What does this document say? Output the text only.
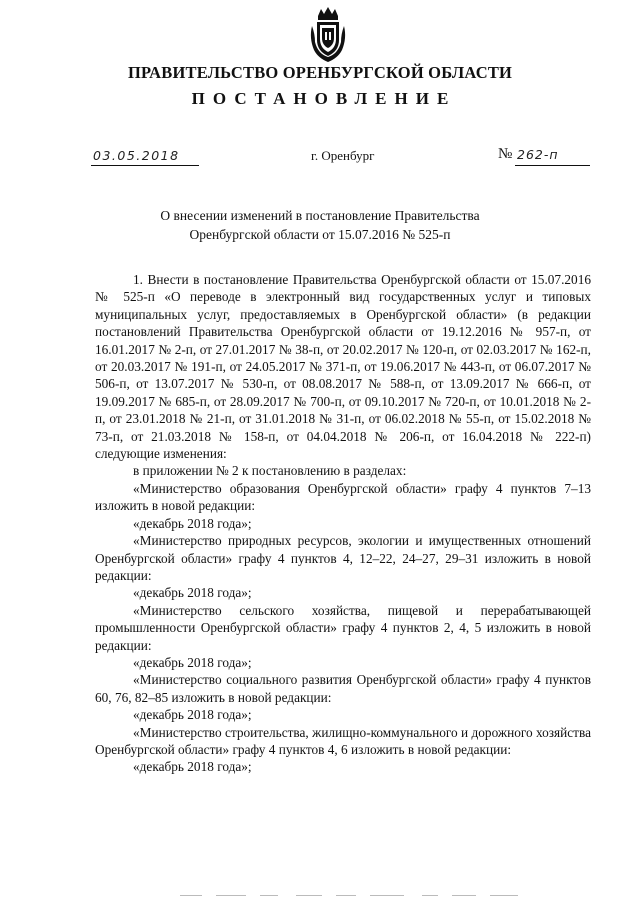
ПРАВИТЕЛЬСТВО ОРЕНБУРГСКОЙ ОБЛАСТИ
ПОСТАНОВЛЕНИЕ
03.05.2018	г. Оренбург	№ 262-п
О внесении изменений в постановление Правительства
Оренбургской области от 15.07.2016 № 525-п

1. Внести в постановление Правительства Оренбургской области от 15.07.2016 № 525-п «О переводе в электронный вид государственных услуг и типовых муниципальных услуг, предоставляемых в Оренбургской области» (в редакции постановлений Правительства Оренбургской области от 19.12.2016 № 957-п, от 16.01.2017 № 2-п, от 27.01.2017 № 38-п, от 20.02.2017 № 120-п, от 02.03.2017 № 162-п, от 20.03.2017 № 191-п, от 24.05.2017 № 371-п, от 19.06.2017 № 443-п, от 06.07.2017 № 506-п, от 13.07.2017 № 530-п, от 08.08.2017 № 588-п, от 13.09.2017 № 666-п, от 19.09.2017 № 685-п, от 28.09.2017 № 700-п, от 09.10.2017 № 720-п, от 10.01.2018 № 2-п, от 23.01.2018 № 21-п, от 31.01.2018 № 31-п, от 06.02.2018 № 55-п, от 15.02.2018 № 73-п, от 21.03.2018 № 158-п, от 04.04.2018 № 206-п, от 16.04.2018 № 222-п) следующие изменения:

в приложении № 2 к постановлению в разделах:

«Министерство образования Оренбургской области» графу 4 пунктов 7–13 изложить в новой редакции:

«декабрь 2018 года»;

«Министерство природных ресурсов, экологии и имущественных отношений Оренбургской области» графу 4 пунктов 4, 12–22, 24–27, 29–31 изложить в новой редакции:

«декабрь 2018 года»;

«Министерство сельского хозяйства, пищевой и перерабатывающей промышленности Оренбургской области» графу 4 пунктов 2, 4, 5 изложить в новой редакции:

«декабрь 2018 года»;

«Министерство социального развития Оренбургской области» графу 4 пунктов 60, 76, 82–85 изложить в новой редакции:

«декабрь 2018 года»;

«Министерство строительства, жилищно-коммунального и дорожного хозяйства Оренбургской области» графу 4 пунктов 4, 6 изложить в новой редакции:

«декабрь 2018 года»;
